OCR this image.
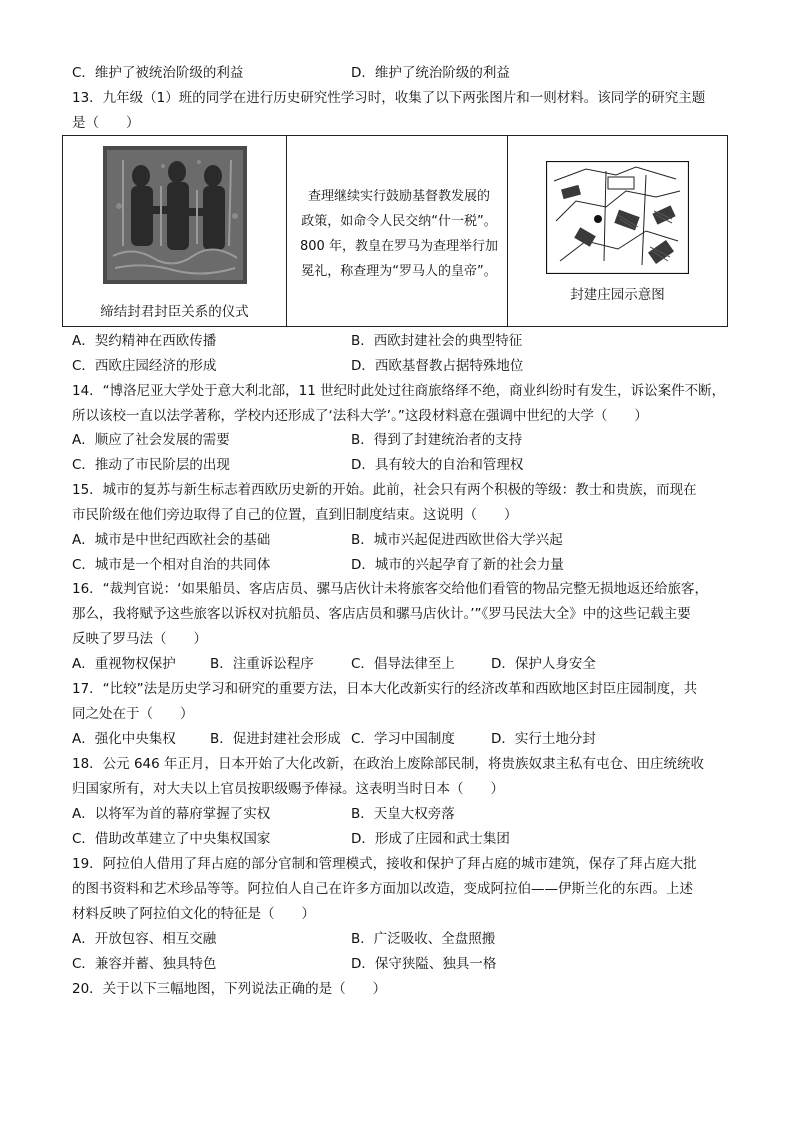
C．维护了被统治阶级的利益	D．维护了统治阶级的利益
13．九年级（1）班的同学在进行历史研究性学习时，收集了以下两张图片和一则材料。该同学的研究主题
是（　　）
缔结封君封臣关系的仪式
查理继续实行鼓励基督教发展的
政策，如命令人民交纳“什一税”。
800 年，教皇在罗马为查理举行加
冕礼，称查理为“罗马人的皇帝”。
封建庄园示意图
A．契约精神在西欧传播	B．西欧封建社会的典型特征
C．西欧庄园经济的形成	D．西欧基督教占据特殊地位
14．“博洛尼亚大学处于意大利北部，11 世纪时此处过往商旅络绎不绝，商业纠纷时有发生，诉讼案件不断，
所以该校一直以法学著称，学校内还形成了‘法科大学’。”这段材料意在强调中世纪的大学（　　）
A．顺应了社会发展的需要	B．得到了封建统治者的支持
C．推动了市民阶层的出现	D．具有较大的自治和管理权
15．城市的复苏与新生标志着西欧历史新的开始。此前，社会只有两个积极的等级：教士和贵族，而现在
市民阶级在他们旁边取得了自己的位置，直到旧制度结束。这说明（　　）
A．城市是中世纪西欧社会的基础	B．城市兴起促进西欧世俗大学兴起
C．城市是一个相对自治的共同体	D．城市的兴起孕育了新的社会力量
16．“裁判官说：‘如果船员、客店店员、骡马店伙计未将旅客交给他们看管的物品完整无损地返还给旅客，
那么，我将赋予这些旅客以诉权对抗船员、客店店员和骡马店伙计。’”《罗马民法大全》中的这些记载主要
反映了罗马法（　　）
A．重视物权保护	B．注重诉讼程序	C．倡导法律至上	D．保护人身安全
17．“比较”法是历史学习和研究的重要方法，日本大化改新实行的经济改革和西欧地区封臣庄园制度，共
同之处在于（　　）
A．强化中央集权	B．促进封建社会形成 C．学习中国制度	D．实行土地分封
18．公元 646 年正月，日本开始了大化改新，在政治上废除部民制，将贵族奴隶主私有屯仓、田庄统统收
归国家所有，对大夫以上官员按职级赐予俸禄。这表明当时日本（　　）
A．以将军为首的幕府掌握了实权	B．天皇大权旁落
C．借助改革建立了中央集权国家	D．形成了庄园和武士集团
19．阿拉伯人借用了拜占庭的部分官制和管理模式，接收和保护了拜占庭的城市建筑，保存了拜占庭大批
的图书资料和艺术珍品等等。阿拉伯人自己在许多方面加以改造，变成阿拉伯——伊斯兰化的东西。上述
材料反映了阿拉伯文化的特征是（　　）
A．开放包容、相互交融	B．广泛吸收、全盘照搬
C．兼容并蓄、独具特色	D．保守狭隘、独具一格
20．关于以下三幅地图，下列说法正确的是（　　）
